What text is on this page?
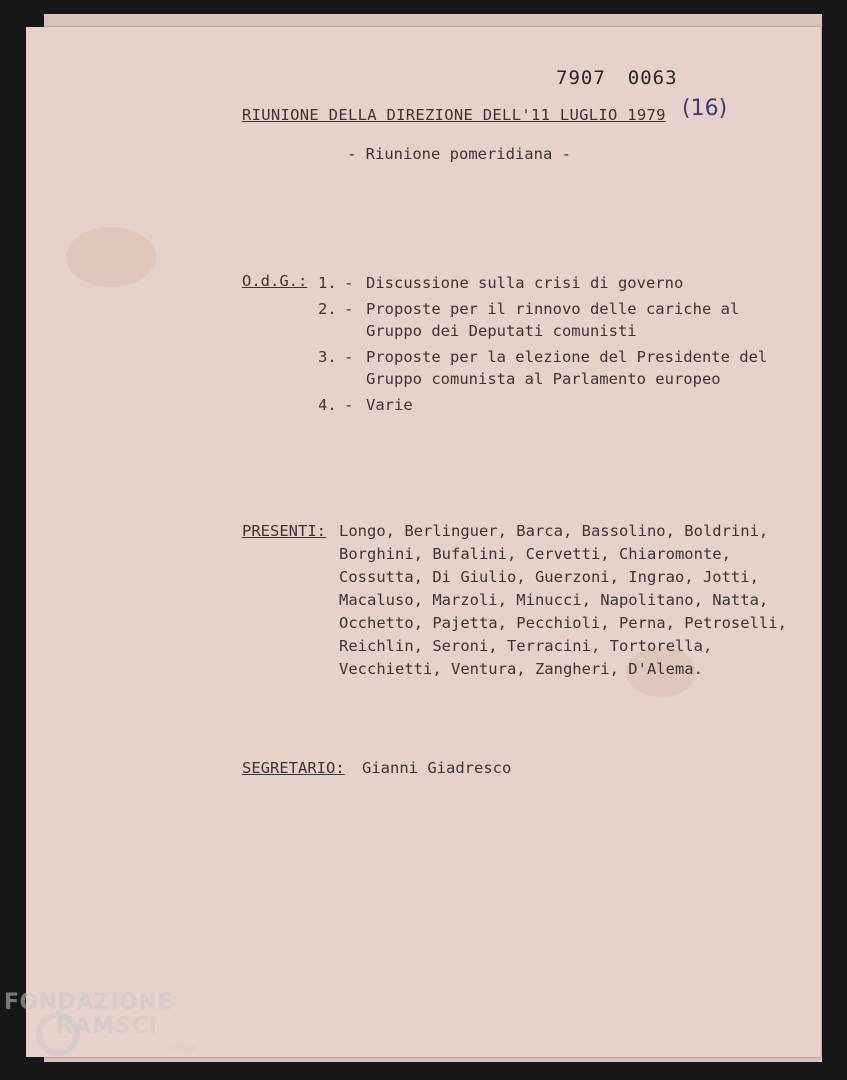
7907 0063
RIUNIONE DELLA DIREZIONE DELL'11 LUGLIO 1979 (16)
- Riunione pomeridiana -
O.d.G.: 1. - Discussione sulla crisi di governo
2. - Proposte per il rinnovo delle cariche al Gruppo dei Deputati comunisti
3. - Proposte per la elezione del Presidente del Gruppo comunista al Parlamento europeo
4. - Varie
PRESENTI: Longo, Berlinguer, Barca, Bassolino, Boldrini, Borghini, Bufalini, Cervetti, Chiaromonte, Cossutta, Di Giulio, Guerzoni, Ingrao, Jotti, Macaluso, Marzoli, Minucci, Napolitano, Natta, Occhetto, Pajetta, Pecchioli, Perna, Petroselli, Reichlin, Seroni, Terracini, Tortorella, Vecchietti, Ventura, Zangheri, D'Alema.
SEGRETARIO: Gianni Giadresco
FONDAZIONE
RAMSCI
onlus
